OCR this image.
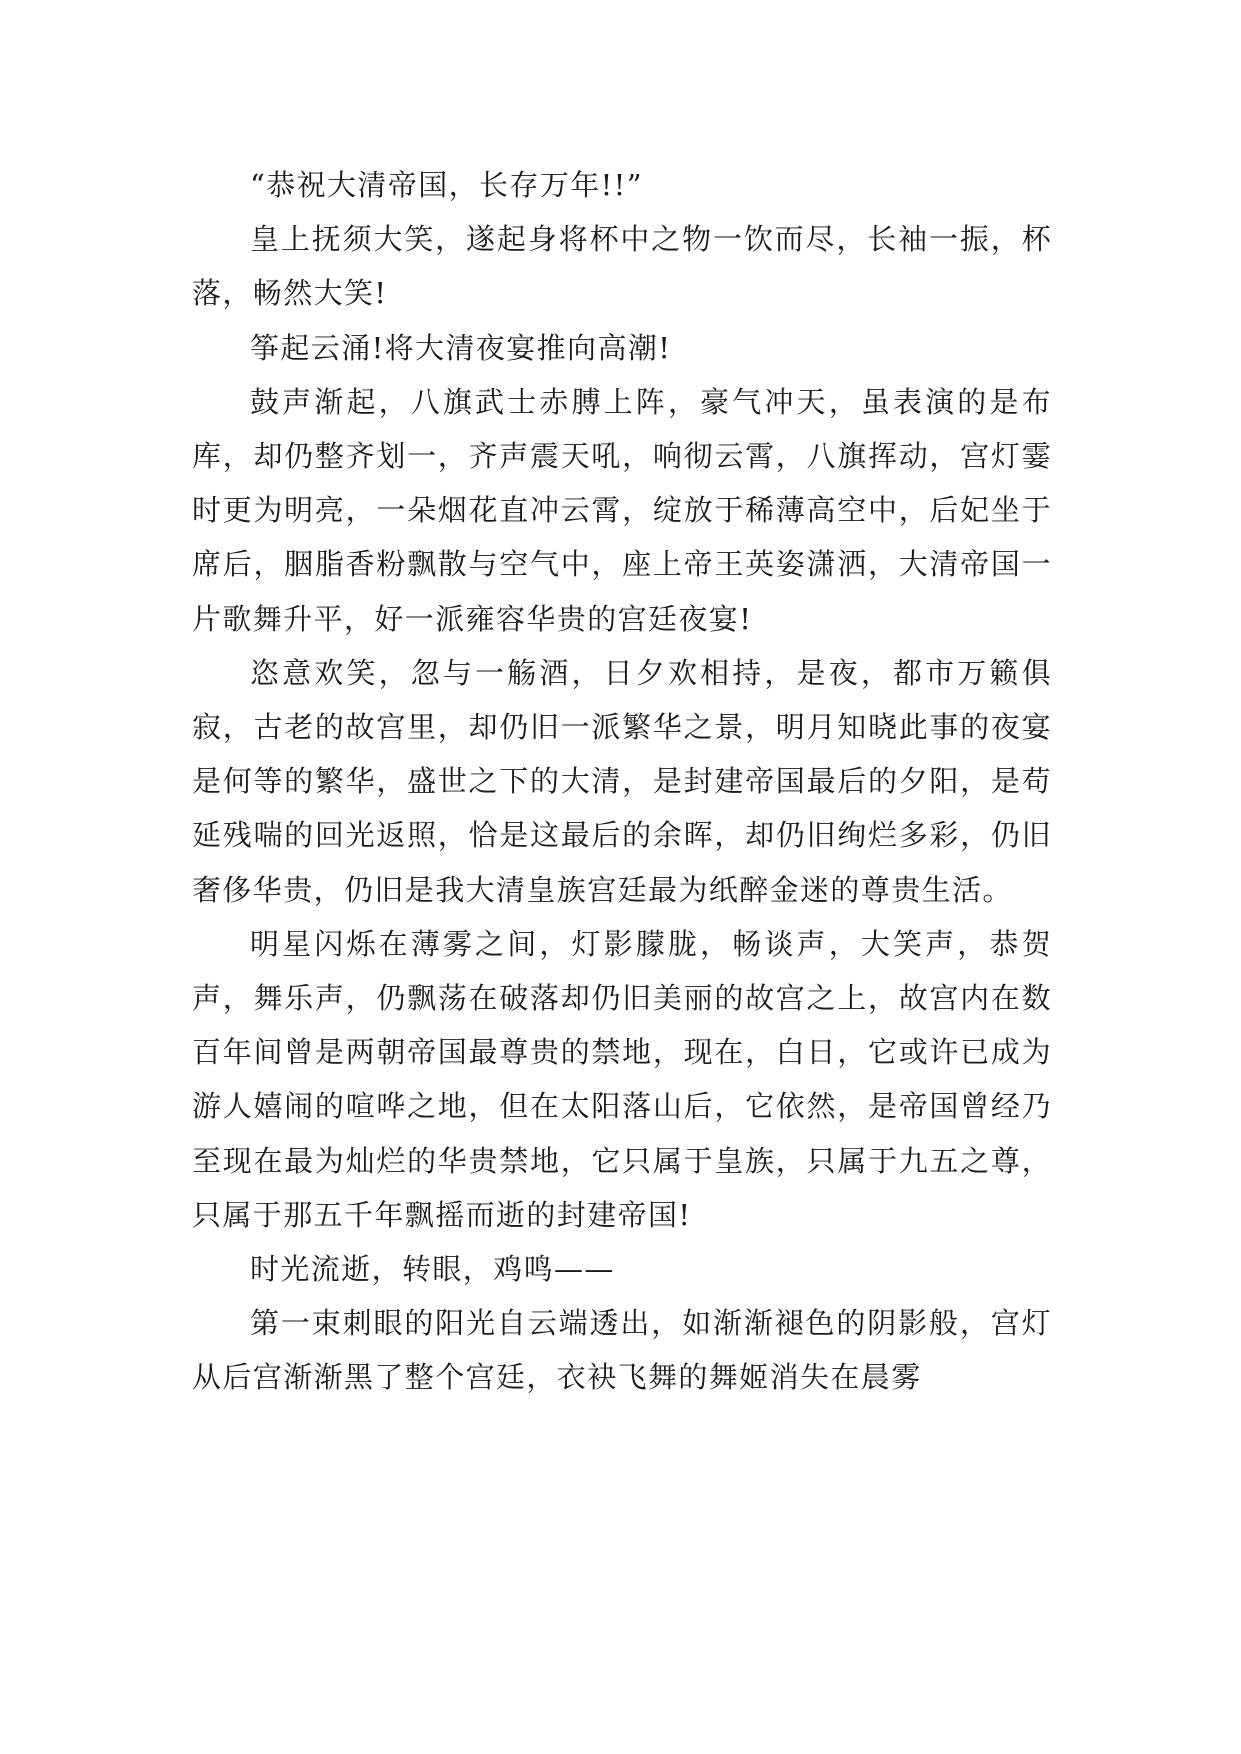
“恭祝大清帝国，长存万年!!”

皇上抚须大笑，遂起身将杯中之物一饮而尽，长袖一振，杯落，畅然大笑!

筝起云涌!将大清夜宴推向高潮!

鼓声渐起，八旗武士赤膊上阵，豪气冲天，虽表演的是布库，却仍整齐划一，齐声震天吼，响彻云霄，八旗挥动，宫灯霎时更为明亮，一朵烟花直冲云霄，绽放于稀薄高空中，后妃坐于席后，胭脂香粉飘散与空气中，座上帝王英姿潇洒，大清帝国一片歌舞升平，好一派雍容华贵的宫廷夜宴!

恣意欢笑，忽与一觞酒，日夕欢相持，是夜，都市万籁俱寂，古老的故宫里，却仍旧一派繁华之景，明月知晓此事的夜宴是何等的繁华，盛世之下的大清，是封建帝国最后的夕阳，是苟延残喘的回光返照，恰是这最后的余晖，却仍旧绚烂多彩，仍旧奢侈华贵，仍旧是我大清皇族宫廷最为纸醉金迷的尊贵生活。

明星闪烁在薄雾之间，灯影朦胧，畅谈声，大笑声，恭贺声，舞乐声，仍飘荡在破落却仍旧美丽的故宫之上，故宫内在数百年间曾是两朝帝国最尊贵的禁地，现在，白日，它或许已成为游人嬉闹的喧哗之地，但在太阳落山后，它依然，是帝国曾经乃至现在最为灿烂的华贵禁地，它只属于皇族，只属于九五之尊，只属于那五千年飘摇而逝的封建帝国!

时光流逝，转眼，鸡鸣——

第一束刺眼的阳光自云端透出，如渐渐褪色的阴影般，宫灯从后宫渐渐黑了整个宫廷，衣袂飞舞的舞姬消失在晨雾
